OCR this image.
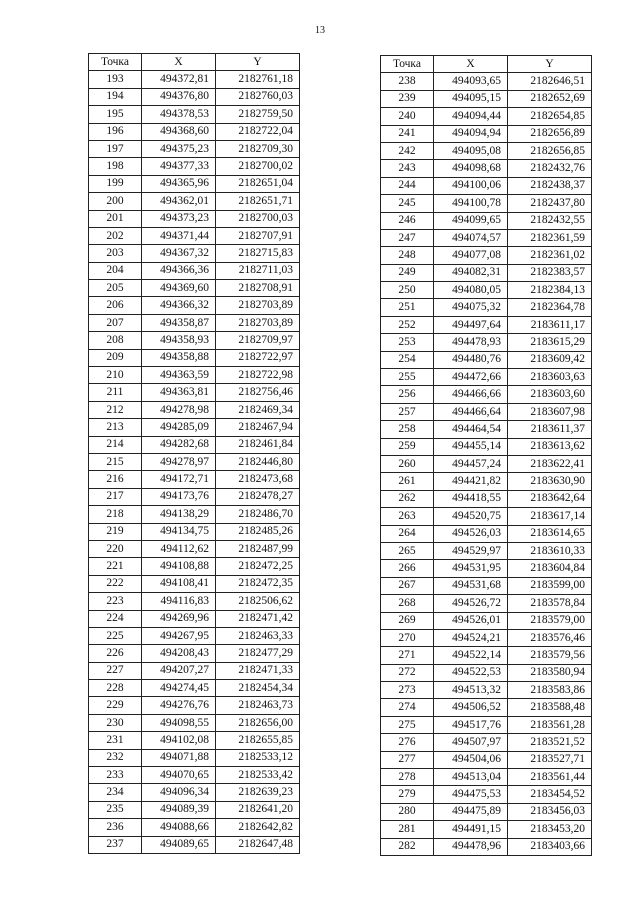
13
Точка	X	Y
193	494372,81	2182761,18
194	494376,80	2182760,03
195	494378,53	2182759,50
196	494368,60	2182722,04
197	494375,23	2182709,30
198	494377,33	2182700,02
199	494365,96	2182651,04
200	494362,01	2182651,71
201	494373,23	2182700,03
202	494371,44	2182707,91
203	494367,32	2182715,83
204	494366,36	2182711,03
205	494369,60	2182708,91
206	494366,32	2182703,89
207	494358,87	2182703,89
208	494358,93	2182709,97
209	494358,88	2182722,97
210	494363,59	2182722,98
211	494363,81	2182756,46
212	494278,98	2182469,34
213	494285,09	2182467,94
214	494282,68	2182461,84
215	494278,97	2182446,80
216	494172,71	2182473,68
217	494173,76	2182478,27
218	494138,29	2182486,70
219	494134,75	2182485,26
220	494112,62	2182487,99
221	494108,88	2182472,25
222	494108,41	2182472,35
223	494116,83	2182506,62
224	494269,96	2182471,42
225	494267,95	2182463,33
226	494208,43	2182477,29
227	494207,27	2182471,33
228	494274,45	2182454,34
229	494276,76	2182463,73
230	494098,55	2182656,00
231	494102,08	2182655,85
232	494071,88	2182533,12
233	494070,65	2182533,42
234	494096,34	2182639,23
235	494089,39	2182641,20
236	494088,66	2182642,82
237	494089,65	2182647,48
Точка	X	Y
238	494093,65	2182646,51
239	494095,15	2182652,69
240	494094,44	2182654,85
241	494094,94	2182656,89
242	494095,08	2182656,85
243	494098,68	2182432,76
244	494100,06	2182438,37
245	494100,78	2182437,80
246	494099,65	2182432,55
247	494074,57	2182361,59
248	494077,08	2182361,02
249	494082,31	2182383,57
250	494080,05	2182384,13
251	494075,32	2182364,78
252	494497,64	2183611,17
253	494478,93	2183615,29
254	494480,76	2183609,42
255	494472,66	2183603,63
256	494466,66	2183603,60
257	494466,64	2183607,98
258	494464,54	2183611,37
259	494455,14	2183613,62
260	494457,24	2183622,41
261	494421,82	2183630,90
262	494418,55	2183642,64
263	494520,75	2183617,14
264	494526,03	2183614,65
265	494529,97	2183610,33
266	494531,95	2183604,84
267	494531,68	2183599,00
268	494526,72	2183578,84
269	494526,01	2183579,00
270	494524,21	2183576,46
271	494522,14	2183579,56
272	494522,53	2183580,94
273	494513,32	2183583,86
274	494506,52	2183588,48
275	494517,76	2183561,28
276	494507,97	2183521,52
277	494504,06	2183527,71
278	494513,04	2183561,44
279	494475,53	2183454,52
280	494475,89	2183456,03
281	494491,15	2183453,20
282	494478,96	2183403,66
